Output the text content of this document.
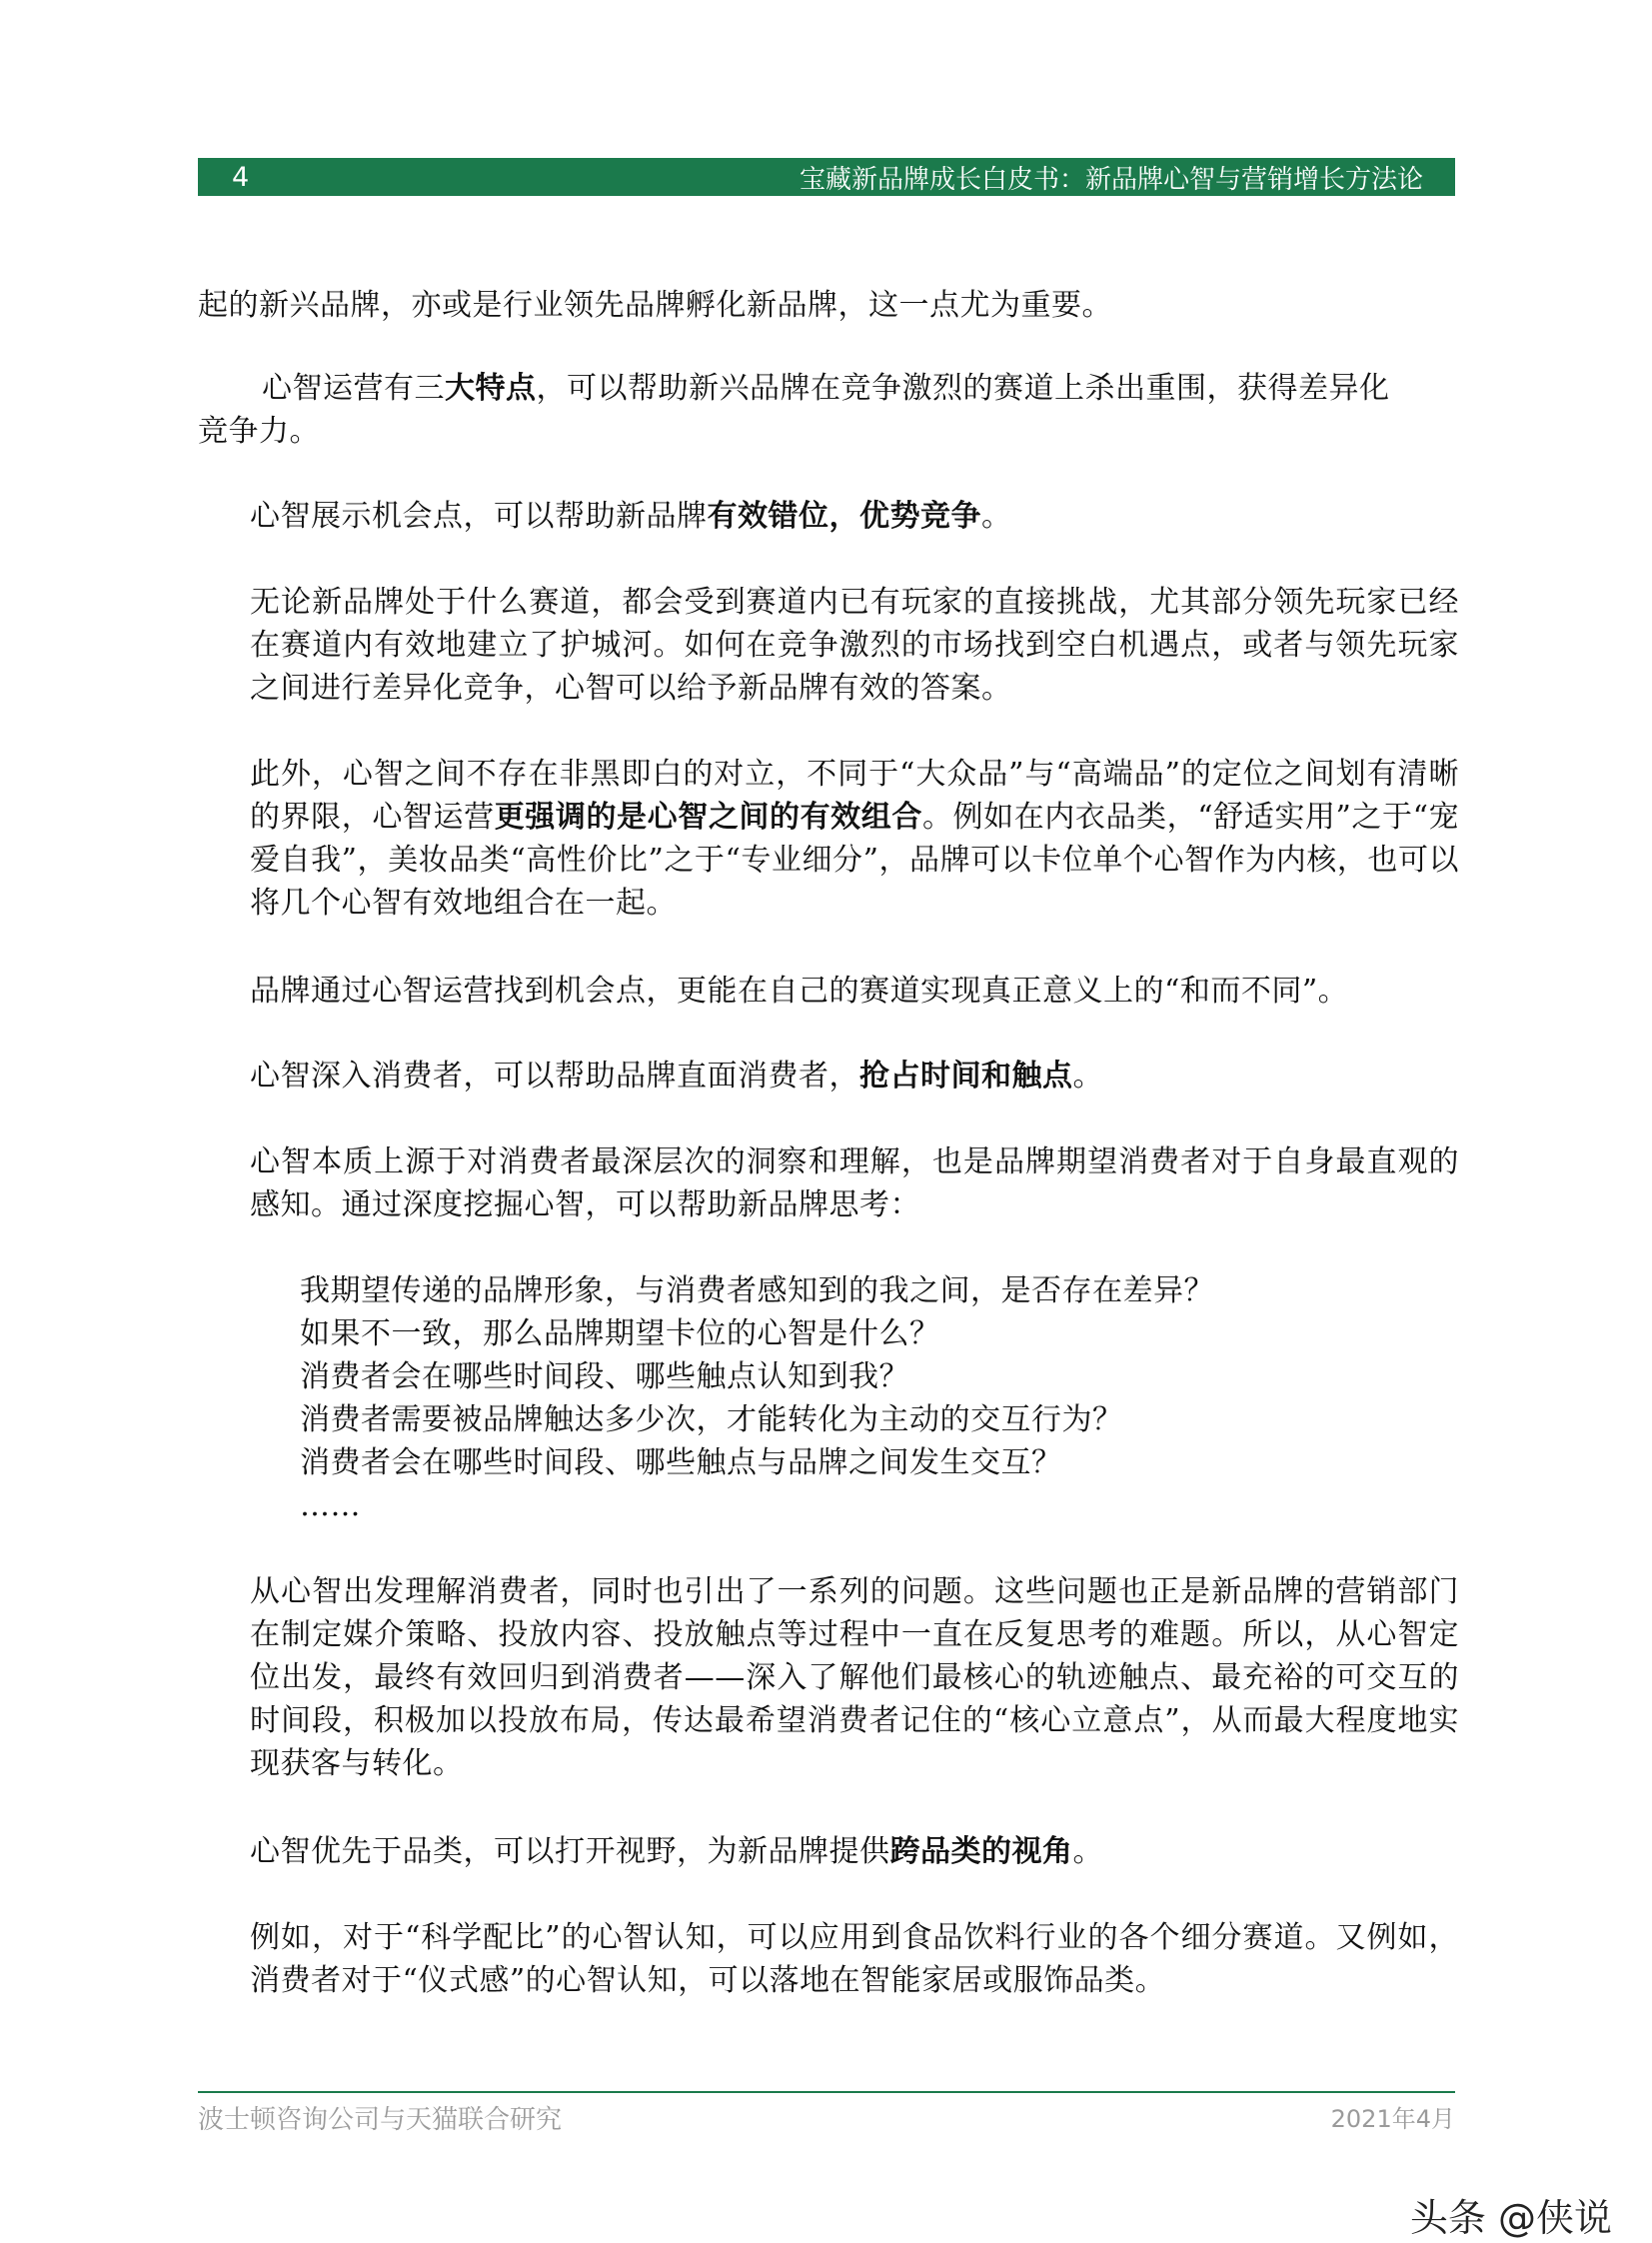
4	宝藏新品牌成长白皮书：新品牌心智与营销增长方法论
起的新兴品牌，亦或是行业领先品牌孵化新品牌，这一点尤为重要。
心智运营有三大特点，可以帮助新兴品牌在竞争激烈的赛道上杀出重围，获得差异化
竞争力。
心智展示机会点，可以帮助新品牌有效错位，优势竞争。
无论新品牌处于什么赛道，都会受到赛道内已有玩家的直接挑战，尤其部分领先玩家已经在赛道内有效地建立了护城河。如何在竞争激烈的市场找到空白机遇点，或者与领先玩家之间进行差异化竞争，心智可以给予新品牌有效的答案。
此外，心智之间不存在非黑即白的对立，不同于“大众品”与“高端品”的定位之间划有清晰的界限，心智运营更强调的是心智之间的有效组合。例如在内衣品类，“舒适实用”之于“宠爱自我”，美妆品类“高性价比”之于“专业细分”，品牌可以卡位单个心智作为内核，也可以将几个心智有效地组合在一起。
品牌通过心智运营找到机会点，更能在自己的赛道实现真正意义上的“和而不同”。
心智深入消费者，可以帮助品牌直面消费者，抢占时间和触点。
心智本质上源于对消费者最深层次的洞察和理解，也是品牌期望消费者对于自身最直观的感知。通过深度挖掘心智，可以帮助新品牌思考：
我期望传递的品牌形象，与消费者感知到的我之间，是否存在差异？
如果不一致，那么品牌期望卡位的心智是什么？
消费者会在哪些时间段、哪些触点认知到我？
消费者需要被品牌触达多少次，才能转化为主动的交互行为？
消费者会在哪些时间段、哪些触点与品牌之间发生交互？
……
从心智出发理解消费者，同时也引出了一系列的问题。这些问题也正是新品牌的营销部门在制定媒介策略、投放内容、投放触点等过程中一直在反复思考的难题。所以，从心智定位出发，最终有效回归到消费者——深入了解他们最核心的轨迹触点、最充裕的可交互的时间段，积极加以投放布局，传达最希望消费者记住的“核心立意点”，从而最大程度地实现获客与转化。
心智优先于品类，可以打开视野，为新品牌提供跨品类的视角。
例如，对于“科学配比”的心智认知，可以应用到食品饮料行业的各个细分赛道。又例如，消费者对于“仪式感”的心智认知，可以落地在智能家居或服饰品类。
波士顿咨询公司与天猫联合研究	2021年4月
头条 @侠说
